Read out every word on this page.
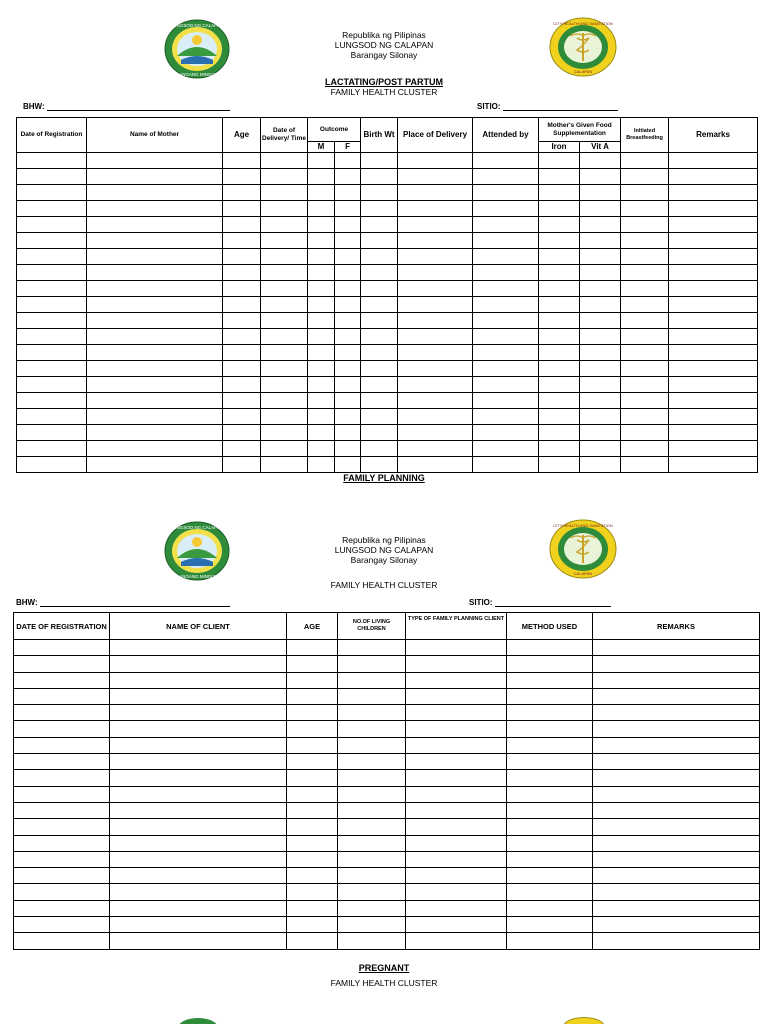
LUNGSOD NG CALAPAN
SILANGANG MINDORO
CITY HEALTH AND SANITATION
CALAPAN
Republika ng Pilipinas
LUNGSOD NG CALAPAN
Barangay Silonay
LACTATING/POST PARTUM
FAMILY HEALTH CLUSTER
BHW:	SITIO:
Date of Registration	Name of Mother	Age	Date of Delivery/ Time	Outcome		Birth Wt	Place of Delivery	Attended by	Mother's Given Food Supplementation		Initiated Breastfeeding	Remarks
				M	F				Iron	Vit A		

FAMILY PLANNING
LUNGSOD NG CALAPAN
SILANGANG MINDORO
CITY HEALTH AND SANITATION
CALAPAN
Republika ng Pilipinas
LUNGSOD NG CALAPAN
Barangay Silonay
FAMILY HEALTH CLUSTER
BHW:	SITIO:
DATE OF REGISTRATION	NAME OF CLIENT	AGE	NO.OF LIVING CHILDREN	TYPE OF FAMILY PLANNING CLIENT	METHOD USED	REMARKS

PREGNANT
FAMILY HEALTH CLUSTER
